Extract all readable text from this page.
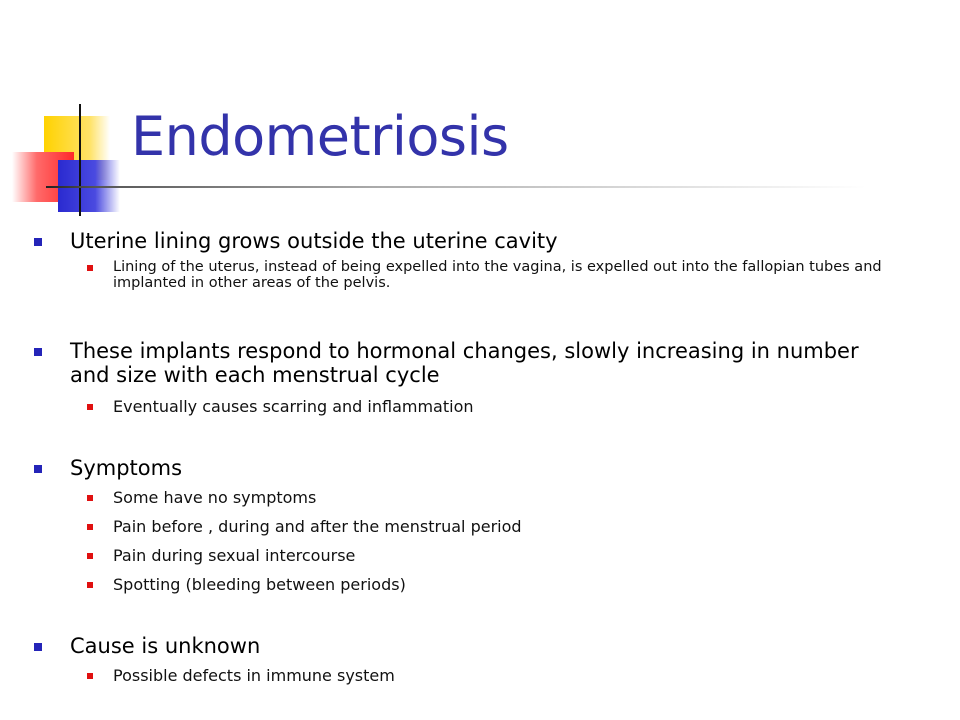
Endometriosis

Uterine lining grows outside the uterine cavity

Lining of the uterus, instead of being expelled into the vagina, is expelled out into the fallopian tubes and implanted in other areas of the pelvis.

These implants respond to hormonal changes, slowly increasing in number and size with each menstrual cycle

Eventually causes scarring and inflammation

Symptoms

Some have no symptoms

Pain before , during and after the menstrual period

Pain during sexual intercourse

Spotting (bleeding between periods)

Cause is unknown

Possible defects in immune system
